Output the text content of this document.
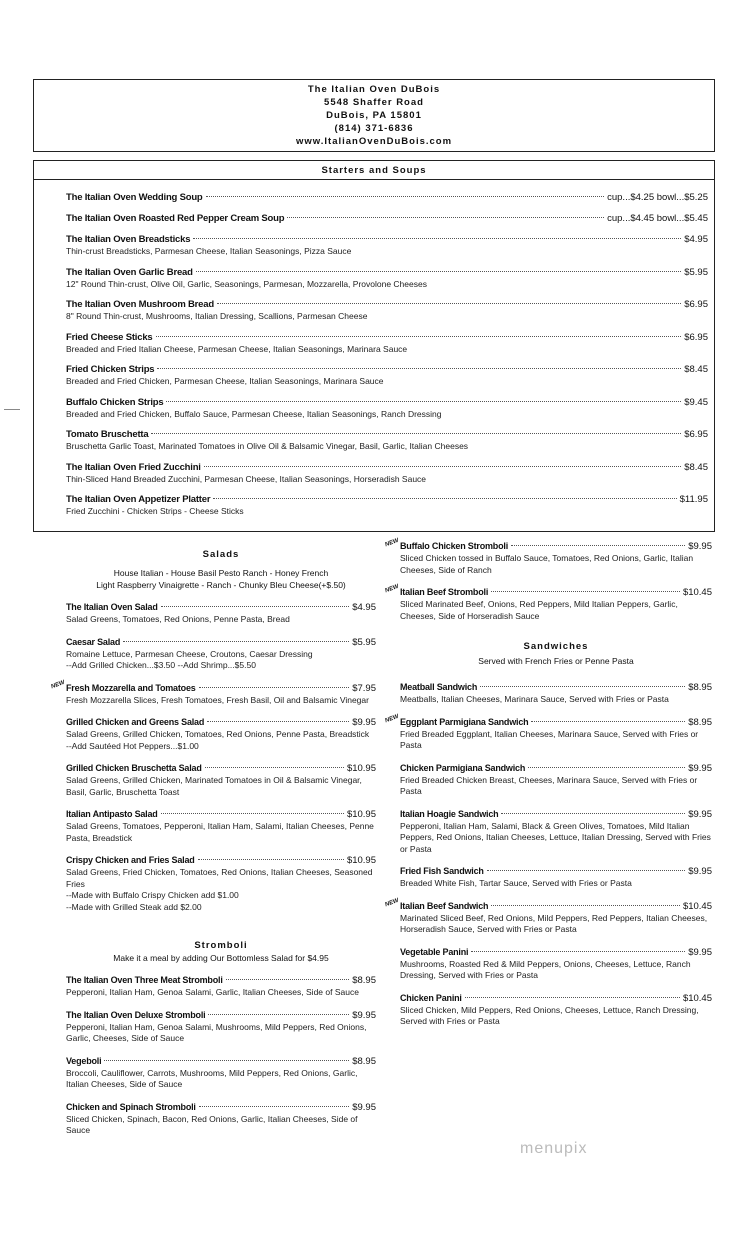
The Italian Oven DuBois
5548 Shaffer Road
DuBois, PA 15801
(814) 371-6836
www.ItalianOvenDuBois.com
Starters and Soups
The Italian Oven Wedding Soup	cup...$4.25 bowl...$5.25
The Italian Oven Roasted Red Pepper Cream Soup	cup...$4.45 bowl...$5.45
The Italian Oven Breadsticks	$4.95
Thin-crust Breadsticks, Parmesan Cheese, Italian Seasonings, Pizza Sauce
The Italian Oven Garlic Bread	$5.95
12" Round Thin-crust, Olive Oil, Garlic, Seasonings, Parmesan, Mozzarella, Provolone Cheeses
The Italian Oven Mushroom Bread	$6.95
8" Round Thin-crust, Mushrooms, Italian Dressing, Scallions, Parmesan Cheese
Fried Cheese Sticks	$6.95
Breaded and Fried Italian Cheese, Parmesan Cheese, Italian Seasonings, Marinara Sauce
Fried Chicken Strips	$8.45
Breaded and Fried Chicken, Parmesan Cheese, Italian Seasonings, Marinara Sauce
Buffalo Chicken Strips	$9.45
Breaded and Fried Chicken, Buffalo Sauce, Parmesan Cheese, Italian Seasonings, Ranch Dressing
Tomato Bruschetta	$6.95
Bruschetta Garlic Toast, Marinated Tomatoes in Olive Oil & Balsamic Vinegar, Basil, Garlic, Italian Cheeses
The Italian Oven Fried Zucchini	$8.45
Thin-Sliced Hand Breaded Zucchini, Parmesan Cheese, Italian Seasonings, Horseradish Sauce
The Italian Oven Appetizer Platter	$11.95
Fried Zucchini - Chicken Strips - Cheese Sticks
Salads
House Italian - House Basil Pesto Ranch - Honey French
Light Raspberry Vinaigrette - Ranch - Chunky Bleu Cheese(+$.50)
The Italian Oven Salad	$4.95
Salad Greens, Tomatoes, Red Onions, Penne Pasta, Bread
Caesar Salad	$5.95
Romaine Lettuce, Parmesan Cheese, Croutons, Caesar Dressing
--Add Grilled Chicken...$3.50 --Add Shrimp...$5.50
NEW Fresh Mozzarella and Tomatoes	$7.95
Fresh Mozzarella Slices, Fresh Tomatoes, Fresh Basil, Oil and Balsamic Vinegar
Grilled Chicken and Greens Salad	$9.95
Salad Greens, Grilled Chicken, Tomatoes, Red Onions, Penne Pasta, Breadstick
--Add Sautéed Hot Peppers...$1.00
Grilled Chicken Bruschetta Salad	$10.95
Salad Greens, Grilled Chicken, Marinated Tomatoes in Oil & Balsamic Vinegar, Basil, Garlic, Bruschetta Toast
Italian Antipasto Salad	$10.95
Salad Greens, Tomatoes, Pepperoni, Italian Ham, Salami, Italian Cheeses, Penne Pasta, Breadstick
Crispy Chicken and Fries Salad	$10.95
Salad Greens, Fried Chicken, Tomatoes, Red Onions, Italian Cheeses, Seasoned Fries
--Made with Buffalo Crispy Chicken add $1.00
--Made with Grilled Steak add $2.00
Stromboli
Make it a meal by adding Our Bottomless Salad for $4.95
The Italian Oven Three Meat Stromboli	$8.95
Pepperoni, Italian Ham, Genoa Salami, Garlic, Italian Cheeses, Side of Sauce
The Italian Oven Deluxe Stromboli	$9.95
Pepperoni, Italian Ham, Genoa Salami, Mushrooms, Mild Peppers, Red Onions, Garlic, Cheeses, Side of Sauce
Vegeboli	$8.95
Broccoli, Cauliflower, Carrots, Mushrooms, Mild Peppers, Red Onions, Garlic, Italian Cheeses, Side of Sauce
Chicken and Spinach Stromboli	$9.95
Sliced Chicken, Spinach, Bacon, Red Onions, Garlic, Italian Cheeses, Side of Sauce
NEW Buffalo Chicken Stromboli	$9.95
Sliced Chicken tossed in Buffalo Sauce, Tomatoes, Red Onions, Garlic, Italian Cheeses, Side of Ranch
NEW Italian Beef Stromboli	$10.45
Sliced Marinated Beef, Onions, Red Peppers, Mild Italian Peppers, Garlic, Cheeses, Side of Horseradish Sauce
Sandwiches
Served with French Fries or Penne Pasta
Meatball Sandwich	$8.95
Meatballs, Italian Cheeses, Marinara Sauce, Served with Fries or Pasta
NEW Eggplant Parmigiana Sandwich	$8.95
Fried Breaded Eggplant, Italian Cheeses, Marinara Sauce, Served with Fries or Pasta
Chicken Parmigiana Sandwich	$9.95
Fried Breaded Chicken Breast, Cheeses, Marinara Sauce, Served with Fries or Pasta
Italian Hoagie Sandwich	$9.95
Pepperoni, Italian Ham, Salami, Black & Green Olives, Tomatoes, Mild Italian Peppers, Red Onions, Italian Cheeses, Lettuce, Italian Dressing, Served with Fries or Pasta
Fried Fish Sandwich	$9.95
Breaded White Fish, Tartar Sauce, Served with Fries or Pasta
NEW Italian Beef Sandwich	$10.45
Marinated Sliced Beef, Red Onions, Mild Peppers, Red Peppers, Italian Cheeses, Horseradish Sauce, Served with Fries or Pasta
Vegetable Panini	$9.95
Mushrooms, Roasted Red & Mild Peppers, Onions, Cheeses, Lettuce, Ranch Dressing, Served with Fries or Pasta
Chicken Panini	$10.45
Sliced Chicken, Mild Peppers, Red Onions, Cheeses, Lettuce, Ranch Dressing, Served with Fries or Pasta
menupix
